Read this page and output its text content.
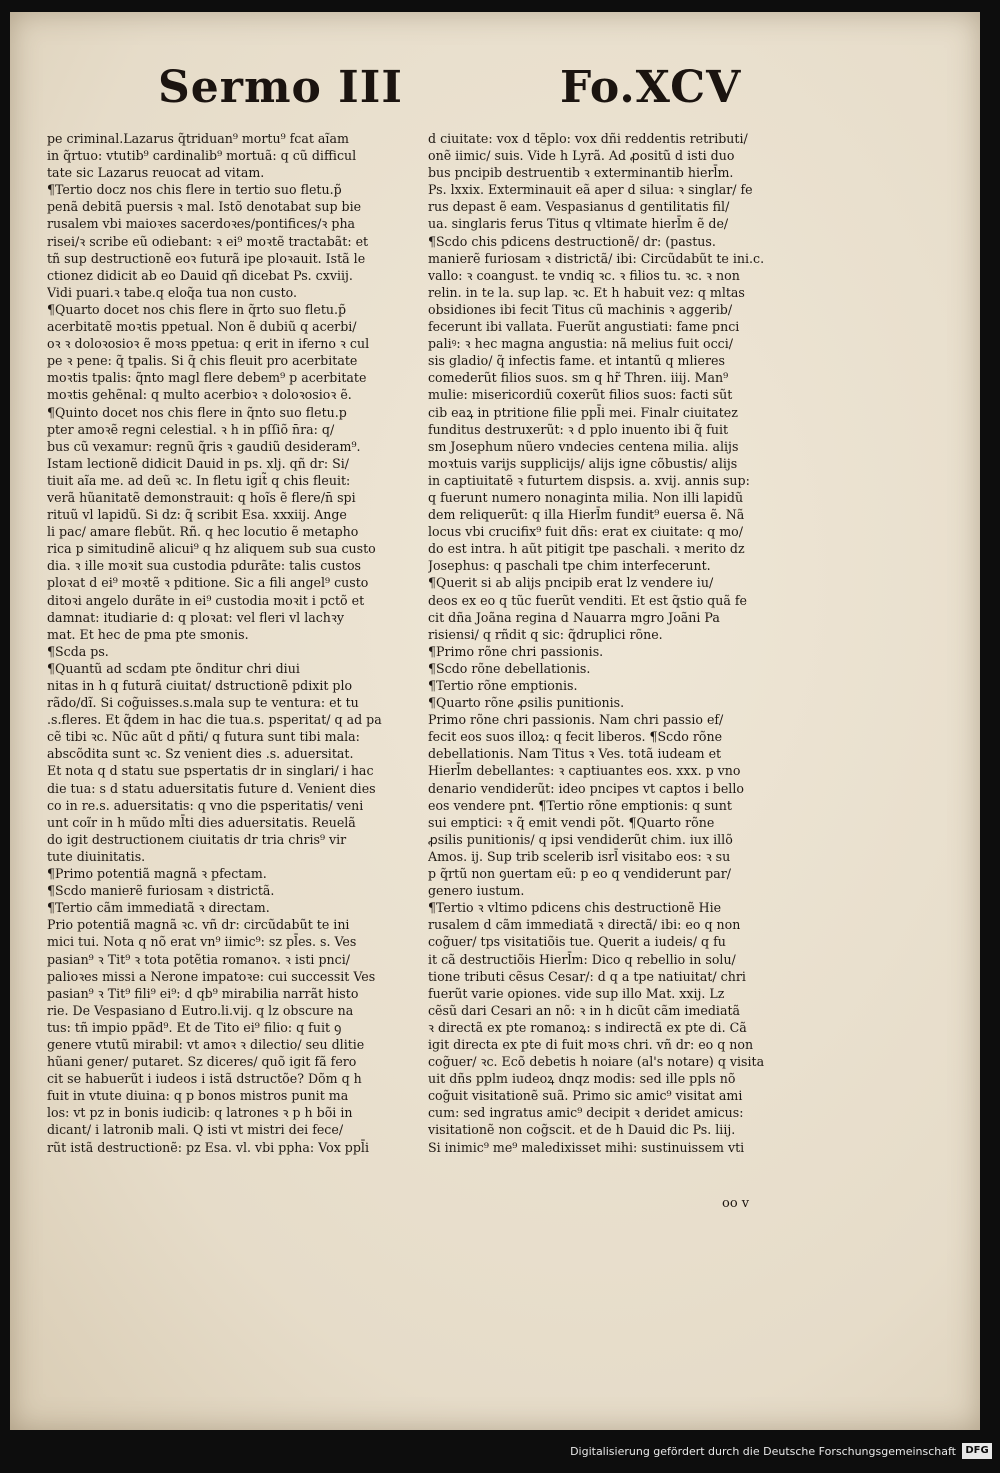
Sermo III	Fo.XCV
pe criminal.Lazarus q̃triduan⁹ mortu⁹ fcat aĩam
in q̃rtuo: vtutib⁹ cardinalib⁹ mortuã: q cũ difficul
tate sic Lazarus reuocat ad vitam.
¶Tertio docz nos chis flere in tertio suo fletu.p̃
penã debitã puersis ꝛ mal. Istõ denotabat sup bie
rusalem vbi maioꝛes sacerdoꝛes/pontifices/ꝛ pha
risei/ꝛ scribe eũ odiebant: ꝛ ei⁹ moꝛtẽ tractabãt: et
tñ sup destructionẽ eoꝛ futurã ipe ploꝛauit. Istã le
ctionez didicit ab eo Dauid qñ dicebat Ps. cxviij.
Vidi puari.ꝛ tabe.q eloq̃a tua non custo.
¶Quarto docet nos chis flere in q̃rto suo fletu.p̃
acerbitatẽ moꝛtis ppetual. Non ẽ dubiũ q acerbi/
oꝛ ꝛ doloꝛosioꝛ ẽ moꝛs ppetua: q erit in iferno ꝛ cul
pe ꝛ pene: q̃ tpalis. Si q̃ chis fleuit pro acerbitate
moꝛtis tpalis: q̃nto magl flere debem⁹ p acerbitate
moꝛtis gehẽnal: q multo acerbioꝛ ꝛ doloꝛosioꝛ ẽ.
¶Quinto docet nos chis flere in q̃nto suo fletu.p
pter amoꝛẽ regni celestial. ꝛ h in pſſiõ n̄ra: q/
bus cũ vexamur: regnũ q̃ris ꝛ gaudiũ desideram⁹.
Istam lectionẽ didicit Dauid in ps. xlj. qñ dr: Si/
tiuit aĩa me. ad deũ ꝛc. In fletu igit̃ q chis fleuit:
verã hũanitatẽ demonstrauit: q hoĩs ẽ flere/n̄ spi
rituũ vl lapidũ. Si dz: q̃ scribit Esa. xxxiij. Ange
li pac/ amare flebũt. Rñ. q hec locutio ẽ metapho
rica p simitudinẽ alicui⁹ q hz aliquem sub sua custo
dia. ꝛ ille moꝛit sua custodia pdurãte: talis custos
ploꝛat d ei⁹ moꝛtẽ ꝛ pditione. Sic a fili angel⁹ custo
ditoꝛi angelo durãte in ei⁹ custodia moꝛit i pctõ et
damnat: itudiarie d: q ploꝛat: vel fleri vl lachꝛy
mat. Et hec de pma pte smonis.
¶Scda ps.
¶Quantũ ad scdam pte õnditur chri diui
nitas in h q futurã ciuitat/ dstructionẽ pdixit plo
rãdo/dĩ. Si cog̃uisses.s.mala sup te ventura: et tu
.s.fleres. Et q̃dem in hac die tua.s. psperitat/ q ad pa
cẽ tibi ꝛc. Nũc aũt d pñti/ q futura sunt tibi mala:
abscõdita sunt ꝛc. Sz venient dies .s. aduersitat.
Et nota q d statu sue pspertatis dr in singlari/ i hac
die tua: s d statu aduersitatis future d. Venient dies
co in re.s. aduersitatis: q vno die psperitatis/ veni
unt coĩr in h mũdo ml̄ti dies aduersitatis. Reuelã
do igit destructionem ciuitatis dr tria chris⁹ vir
tute diuinitatis.
¶Primo potentiã magnã ꝛ pfectam.
¶Scdo manierẽ furiosam ꝛ districtã.
¶Tertio cãm immediatã ꝛ directam.
Prio potentiã magnã ꝛc. vñ dr: circũdabũt te ini
mici tui. Nota q nõ erat vn⁹ iimic⁹: sz pl̄es. s. Ves
pasian⁹ ꝛ Tit⁹ ꝛ tota potẽtia romanoꝛ. ꝛ isti pnci/
palioꝛes missi a Nerone impatoꝛe: cui successit Ves
pasian⁹ ꝛ Tit⁹ fili⁹ ei⁹: d qb⁹ mirabilia narrãt histo
rie. De Vespasiano d Eutro.li.vij. q lz obscure na
tus: tñ impio ppãd⁹. Et de Tito ei⁹ filio: q fuit ꝯ
genere vtutũ mirabil: vt amoꝛ ꝛ dilectio/ seu dlitie
hũani gener/ putaret. Sz diceres/ quõ igit fã fero
cit se habuerũt i iudeos i istã dstructõe? Dõm q h
fuit in vtute diuina: q p bonos mistros punit ma
los: vt pz in bonis iudicib: q latrones ꝛ p h bõi in
dicant/ i latronib mali. Q isti vt mistri dei fece/
rũt istã destructionẽ: pz Esa. vl. vbi ppha: Vox ppl̄i
d ciuitate: vox d tẽplo: vox dñi reddentis retributi/
onẽ iimic/ suis. Vide h Lyrã. Ad ꝓositũ d isti duo
bus pncipib destruentib ꝛ exterminantib hierl̄m.
Ps. lxxix. Exterminauit eã aper d silua: ꝛ singlar/ fe
rus depast ẽ eam. Vespasianus d gentilitatis fil/
ua. singlaris ferus Titus q vltimate hierl̄m ẽ de/
¶Scdo chis pdicens destructionẽ/ dr: (pastus.
manierẽ furiosam ꝛ districtã/ ibi: Circũdabũt te ini.c.
vallo: ꝛ coangust. te vndiq ꝛc. ꝛ filios tu. ꝛc. ꝛ non
relin. in te la. sup lap. ꝛc. Et h habuit vez: q mltas
obsidiones ibi fecit Titus cũ machinis ꝛ aggerib/
fecerunt ibi vallata. Fuerũt angustiati: fame pnci
paliꝰ: ꝛ hec magna angustia: nã melius fuit occi/
sis gladio/ q̃ infectis fame. et intantũ q mlieres
comederũt filios suos. sm q hr̃ Thren. iiij. Man⁹
mulie: misericordiũ coxerũt filios suos: facti sũt
cib eaꝝ in ptritione filie ppl̄i mei. Finalr ciuitatez
funditus destruxerũt: ꝛ d pplo inuento ibi q̃ fuit
sm Josephum nũero vndecies centena milia. alijs
moꝛtuis varijs supplicijs/ alijs igne cõbustis/ alijs
in captiuitatẽ ꝛ futurtem dispsis. a. xvij. annis sup:
q fuerunt numero nonaginta milia. Non illi lapidũ
dem reliquerũt: q illa Hierl̄m fundit⁹ euersa ẽ. Nã
locus vbi crucifix⁹ fuit dñs: erat ex ciuitate: q mo/
do est intra. h aũt pitigit tpe paschali. ꝛ merito dz
Josephus: q paschali tpe chim interfecerunt.
¶Querit si ab alijs pncipib erat lz vendere iu/
deos ex eo q tũc fuerũt venditi. Et est q̃stio quã fe
cit dña Joãna regina d Nauarra mgro Joãni Pa
risiensi/ q rñdit q sic: q̃druplici rõne.
¶Primo rõne chri passionis.
¶Scdo rõne debellationis.
¶Tertio rõne emptionis.
¶Quarto rõne ꝓsilis punitionis.
Primo rõne chri passionis. Nam chri passio ef/
fecit eos suos illoꝝ: q fecit liberos. ¶Scdo rõne
debellationis. Nam Titus ꝛ Ves. totã iudeam et
Hierl̄m debellantes: ꝛ captiuantes eos. xxx. p vno
denario vendiderũt: ideo pncipes vt captos i bello
eos vendere pnt. ¶Tertio rõne emptionis: q sunt
sui emptici: ꝛ q̃ emit vendi põt. ¶Quarto rõne
ꝓsilis punitionis/ q ipsi vendiderũt chim. iux illõ
Amos. ij. Sup trib scelerib isrl̄ visitabo eos: ꝛ su
p q̃rtũ non ꝯuertam eũ: p eo q vendiderunt par/
genero iustum.
¶Tertio ꝛ vltimo pdicens chis destructionẽ Hie
rusalem d cãm immediatã ꝛ directã/ ibi: eo q non
cog̃uer/ tps visitatiõis tue. Querit a iudeis/ q fu
it cã destructiõis Hierl̄m: Dico q rebellio in solu/
tione tributi cẽsus Cesar/: d q a tpe natiuitat/ chri
fuerũt varie opiones. vide sup illo Mat. xxij. Lz
cẽsũ dari Cesari an nõ: ꝛ in h dicũt cãm imediatã
ꝛ directã ex pte romanoꝝ: s indirectã ex pte di. Cã
igit directa ex pte di fuit moꝛs chri. vñ dr: eo q non
cog̃uer/ ꝛc. Ecõ debetis h noiare (al's notare) q visita
uit dñs pplm iudeoꝝ dnqz modis: sed ille ppls nõ
cog̃uit visitationẽ suã. Primo sic amic⁹ visitat ami
cum: sed ingratus amic⁹ decipit ꝛ deridet amicus:
visitationẽ non cog̃scit. et de h Dauid dic Ps. liij.
Si inimic⁹ me⁹ maledixisset mihi: sustinuissem vti
oo v
Digitalisierung gefördert durch die Deutsche Forschungsgemeinschaft DFG
